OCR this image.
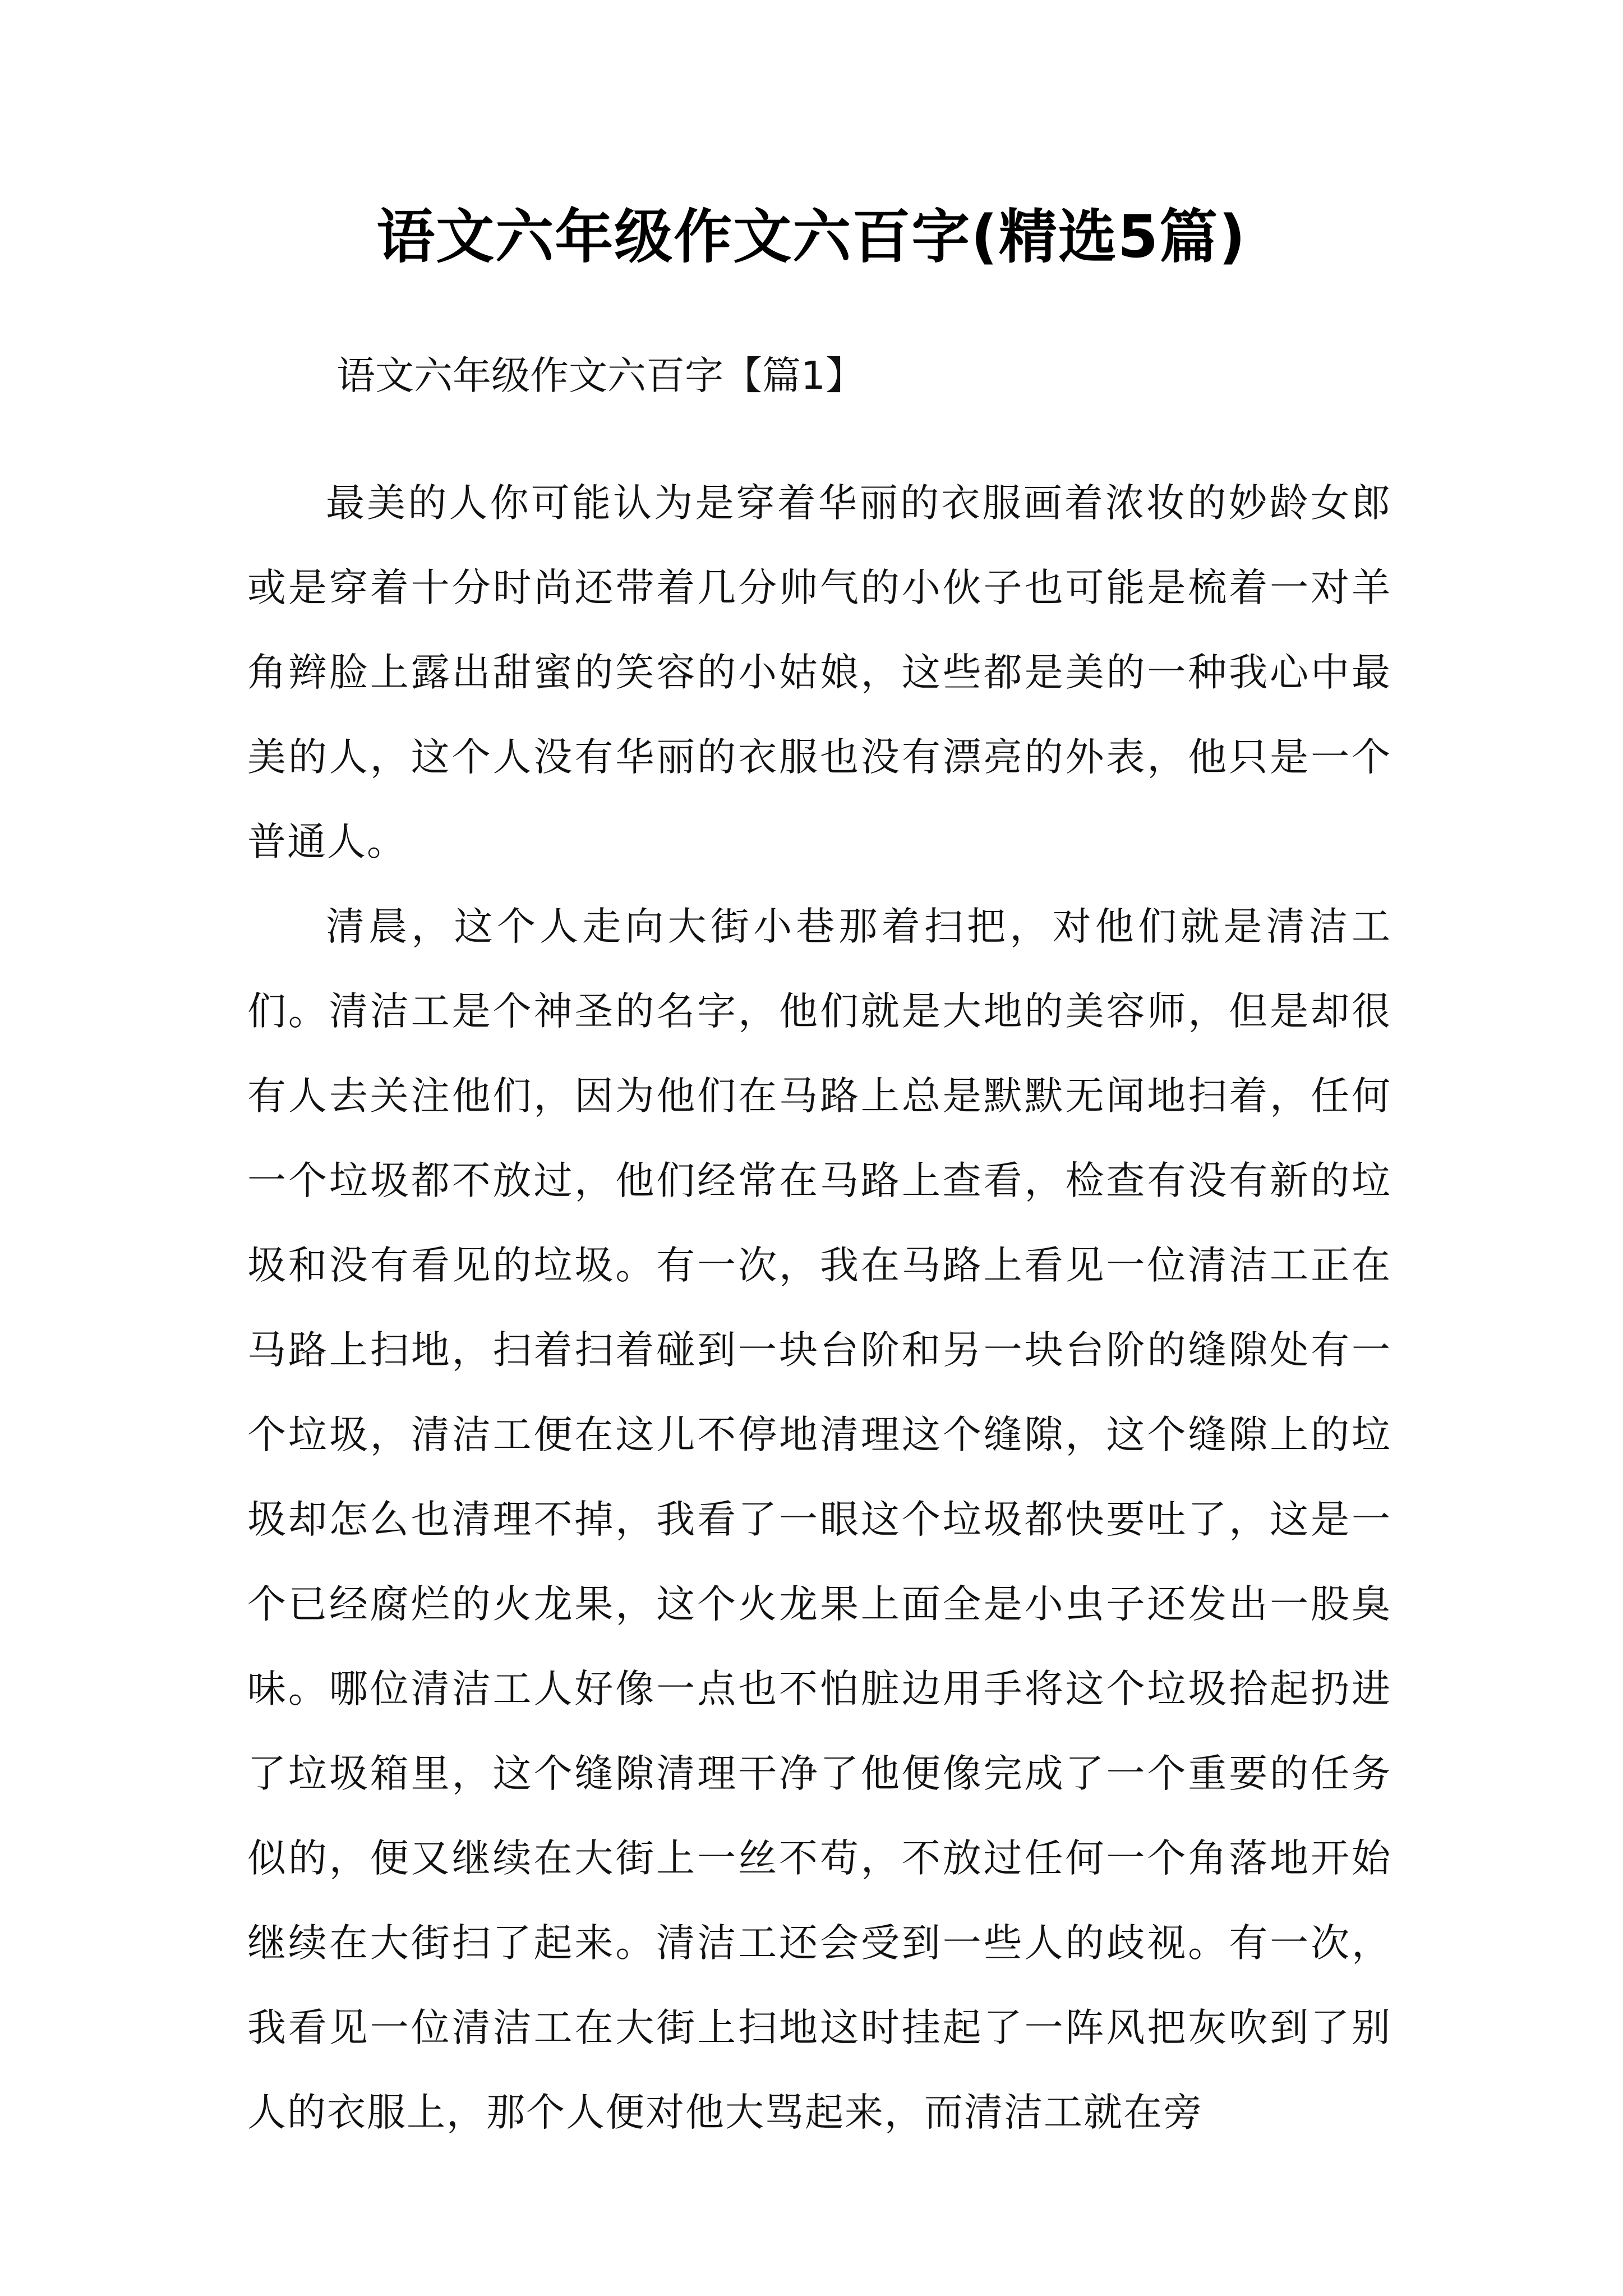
语文六年级作文六百字(精选5篇)
语文六年级作文六百字【篇1】

最美的人你可能认为是穿着华丽的衣服画着浓妆的妙龄女郎或是穿着十分时尚还带着几分帅气的小伙子也可能是梳着一对羊角辫脸上露出甜蜜的笑容的小姑娘，这些都是美的一种我心中最美的人，这个人没有华丽的衣服也没有漂亮的外表，他只是一个普通人。

清晨，这个人走向大街小巷那着扫把，对他们就是清洁工们。清洁工是个神圣的名字，他们就是大地的美容师，但是却很有人去关注他们，因为他们在马路上总是默默无闻地扫着，任何一个垃圾都不放过，他们经常在马路上查看，检查有没有新的垃圾和没有看见的垃圾。有一次，我在马路上看见一位清洁工正在马路上扫地，扫着扫着碰到一块台阶和另一块台阶的缝隙处有一个垃圾，清洁工便在这儿不停地清理这个缝隙，这个缝隙上的垃圾却怎么也清理不掉，我看了一眼这个垃圾都快要吐了，这是一个已经腐烂的火龙果，这个火龙果上面全是小虫子还发出一股臭味。哪位清洁工人好像一点也不怕脏边用手将这个垃圾拾起扔进了垃圾箱里，这个缝隙清理干净了他便像完成了一个重要的任务似的，便又继续在大街上一丝不苟，不放过任何一个角落地开始继续在大街扫了起来。清洁工还会受到一些人的歧视。有一次，我看见一位清洁工在大街上扫地这时挂起了一阵风把灰吹到了别人的衣服上，那个人便对他大骂起来，而清洁工就在旁
